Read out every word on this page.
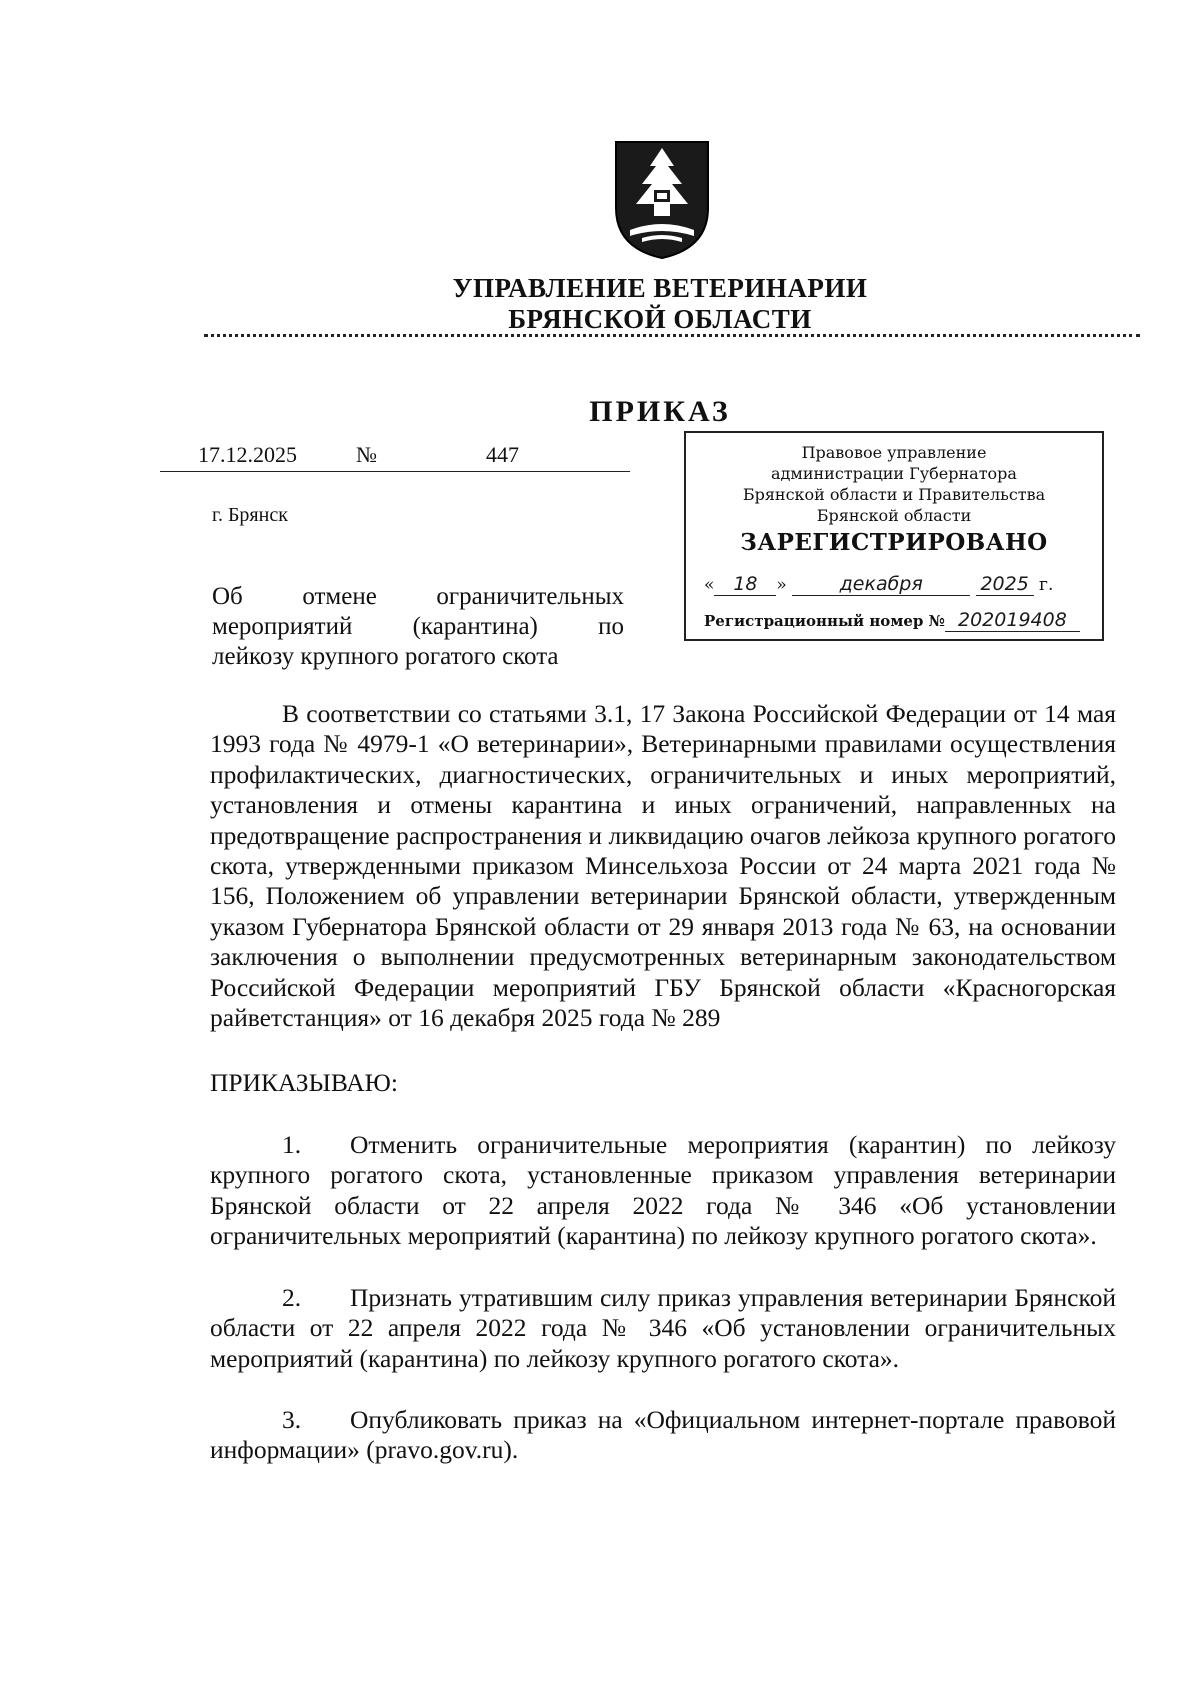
УПРАВЛЕНИЕ ВЕТЕРИНАРИИ
БРЯНСКОЙ ОБЛАСТИ
ПРИКАЗ
17.12.2025	№	447
г. Брянск
Об отмене ограничительных
мероприятий (карантина) по
лейкозу крупного рогатого скота
Правовое управление
администрации Губернатора
Брянской области и Правительства
Брянской области
ЗАРЕГИСТРИРОВАНО
« 18 »	декабря	2025 г.
Регистрационный номер № 202019408

В соответствии со статьями 3.1, 17 Закона Российской Федерации от 14 мая 1993 года № 4979-1 «О ветеринарии», Ветеринарными правилами осуществления профилактических, диагностических, ограничительных и иных мероприятий, установления и отмены карантина и иных ограничений, направленных на предотвращение распространения и ликвидацию очагов лейкоза крупного рогатого скота, утвержденными приказом Минсельхоза России от 24 марта 2021 года № 156, Положением об управлении ветеринарии Брянской области, утвержденным указом Губернатора Брянской области от 29 января 2013 года № 63, на основании заключения о выполнении предусмотренных ветеринарным законодательством Российской Федерации мероприятий ГБУ Брянской области «Красногорская райветстанция» от 16 декабря 2025 года № 289

ПРИКАЗЫВАЮ:

1. Отменить ограничительные мероприятия (карантин) по лейкозу крупного рогатого скота, установленные приказом управления ветеринарии Брянской области от 22 апреля 2022 года № 346 «Об установлении ограничительных мероприятий (карантина) по лейкозу крупного рогатого скота».

2. Признать утратившим силу приказ управления ветеринарии Брянской области от 22 апреля 2022 года № 346 «Об установлении ограничительных мероприятий (карантина) по лейкозу крупного рогатого скота».

3. Опубликовать приказ на «Официальном интернет-портале правовой информации» (pravo.gov.ru).
